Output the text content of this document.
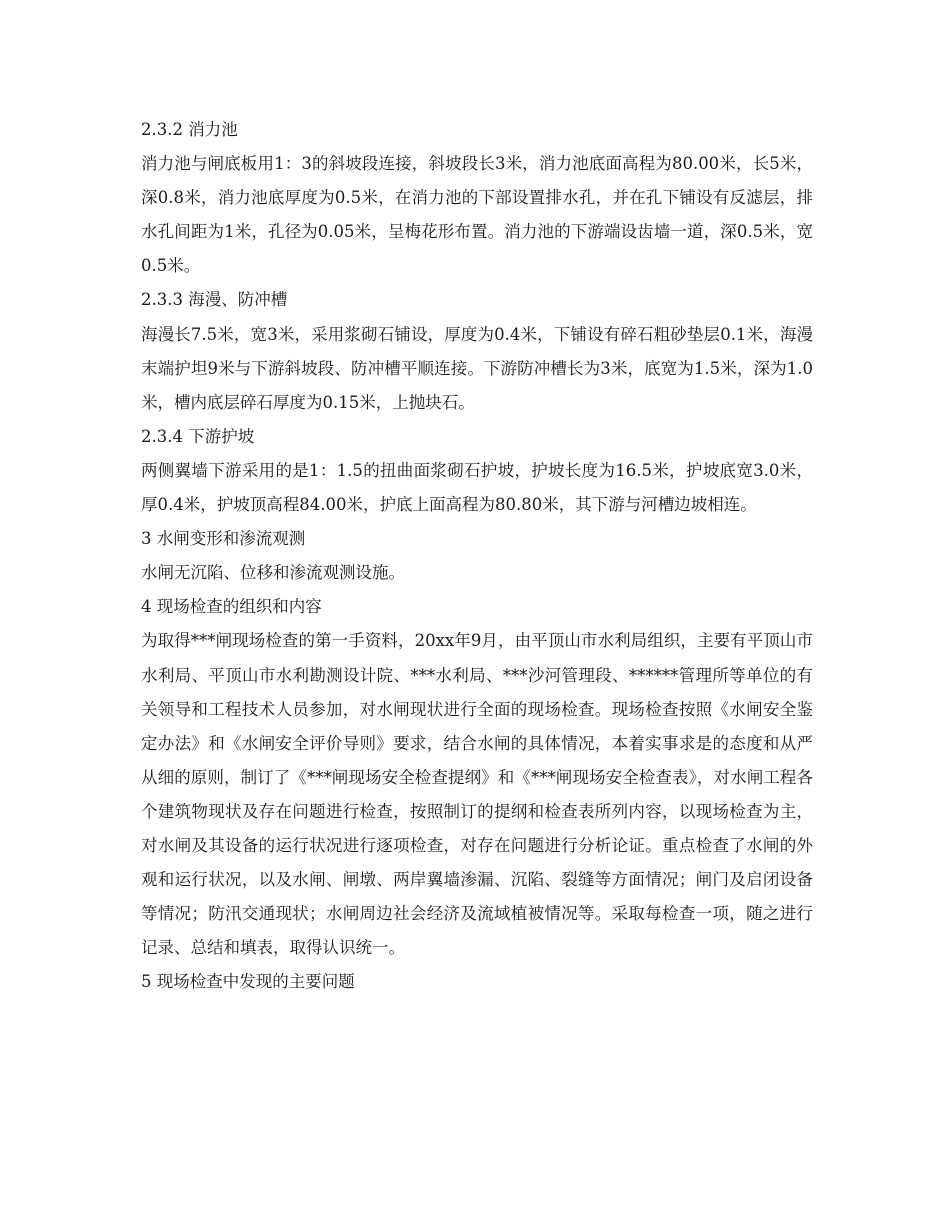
2.3.2 消力池
消力池与闸底板用1：3的斜坡段连接，斜坡段长3米，消力池底面高程为80.00米，长5米，深0.8米，消力池底厚度为0.5米，在消力池的下部设置排水孔，并在孔下铺设有反滤层，排水孔间距为1米，孔径为0.05米，呈梅花形布置。消力池的下游端设齿墙一道，深0.5米，宽0.5米。
2.3.3 海漫、防冲槽
海漫长7.5米，宽3米，采用浆砌石铺设，厚度为0.4米，下铺设有碎石粗砂垫层0.1米，海漫末端护坦9米与下游斜坡段、防冲槽平顺连接。下游防冲槽长为3米，底宽为1.5米，深为1.0米，槽内底层碎石厚度为0.15米，上抛块石。
2.3.4 下游护坡
两侧翼墙下游采用的是1：1.5的扭曲面浆砌石护坡，护坡长度为16.5米，护坡底宽3.0米，厚0.4米，护坡顶高程84.00米，护底上面高程为80.80米，其下游与河槽边坡相连。
3 水闸变形和渗流观测
水闸无沉陷、位移和渗流观测设施。
4 现场检查的组织和内容
为取得***闸现场检查的第一手资料，20xx年9月，由平顶山市水利局组织，主要有平顶山市水利局、平顶山市水利勘测设计院、***水利局、***沙河管理段、******管理所等单位的有关领导和工程技术人员参加，对水闸现状进行全面的现场检查。现场检查按照《水闸安全鉴定办法》和《水闸安全评价导则》要求，结合水闸的具体情况，本着实事求是的态度和从严从细的原则，制订了《***闸现场安全检查提纲》和《***闸现场安全检查表》，对水闸工程各个建筑物现状及存在问题进行检查，按照制订的提纲和检查表所列内容，以现场检查为主，对水闸及其设备的运行状况进行逐项检查，对存在问题进行分析论证。重点检查了水闸的外观和运行状况，以及水闸、闸墩、两岸翼墙渗漏、沉陷、裂缝等方面情况；闸门及启闭设备等情况；防汛交通现状；水闸周边社会经济及流域植被情况等。采取每检查一项，随之进行记录、总结和填表，取得认识统一。
5 现场检查中发现的主要问题
